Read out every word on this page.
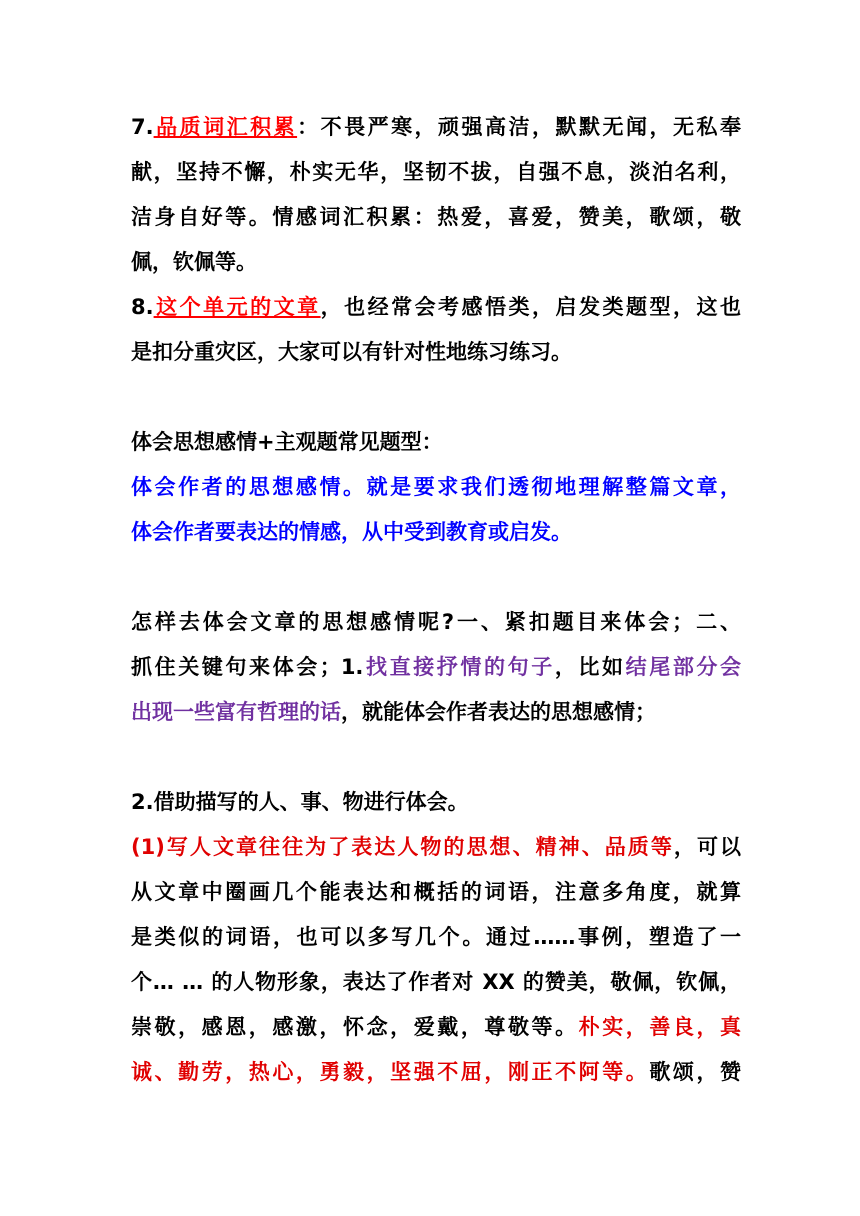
7.品质词汇积累：不畏严寒，顽强高洁，默默无闻，无私奉
献，坚持不懈，朴实无华，坚韧不拔，自强不息，淡泊名利，
洁身自好等。情感词汇积累：热爱，喜爱，赞美，歌颂，敬
佩，钦佩等。
8.这个单元的文章，也经常会考感悟类，启发类题型，这也
是扣分重灾区，大家可以有针对性地练习练习。
体会思想感情+主观题常见题型：
体会作者的思想感情。就是要求我们透彻地理解整篇文章，
体会作者要表达的情感，从中受到教育或启发。
怎样去体会文章的思想感情呢?一、紧扣题目来体会；二、
抓住关键句来体会；1.找直接抒情的句子，比如结尾部分会
出现一些富有哲理的话，就能体会作者表达的思想感情；
2.借助描写的人、事、物进行体会。
(1)写人文章往往为了表达人物的思想、精神、品质等，可以
从文章中圈画几个能表达和概括的词语，注意多角度，就算
是类似的词语，也可以多写几个。通过……事例，塑造了一
个… … 的人物形象，表达了作者对 XX 的赞美，敬佩，钦佩，
崇敬，感恩，感激，怀念，爱戴，尊敬等。朴实，善良，真
诚、勤劳，热心，勇毅，坚强不屈，刚正不阿等。歌颂，赞
